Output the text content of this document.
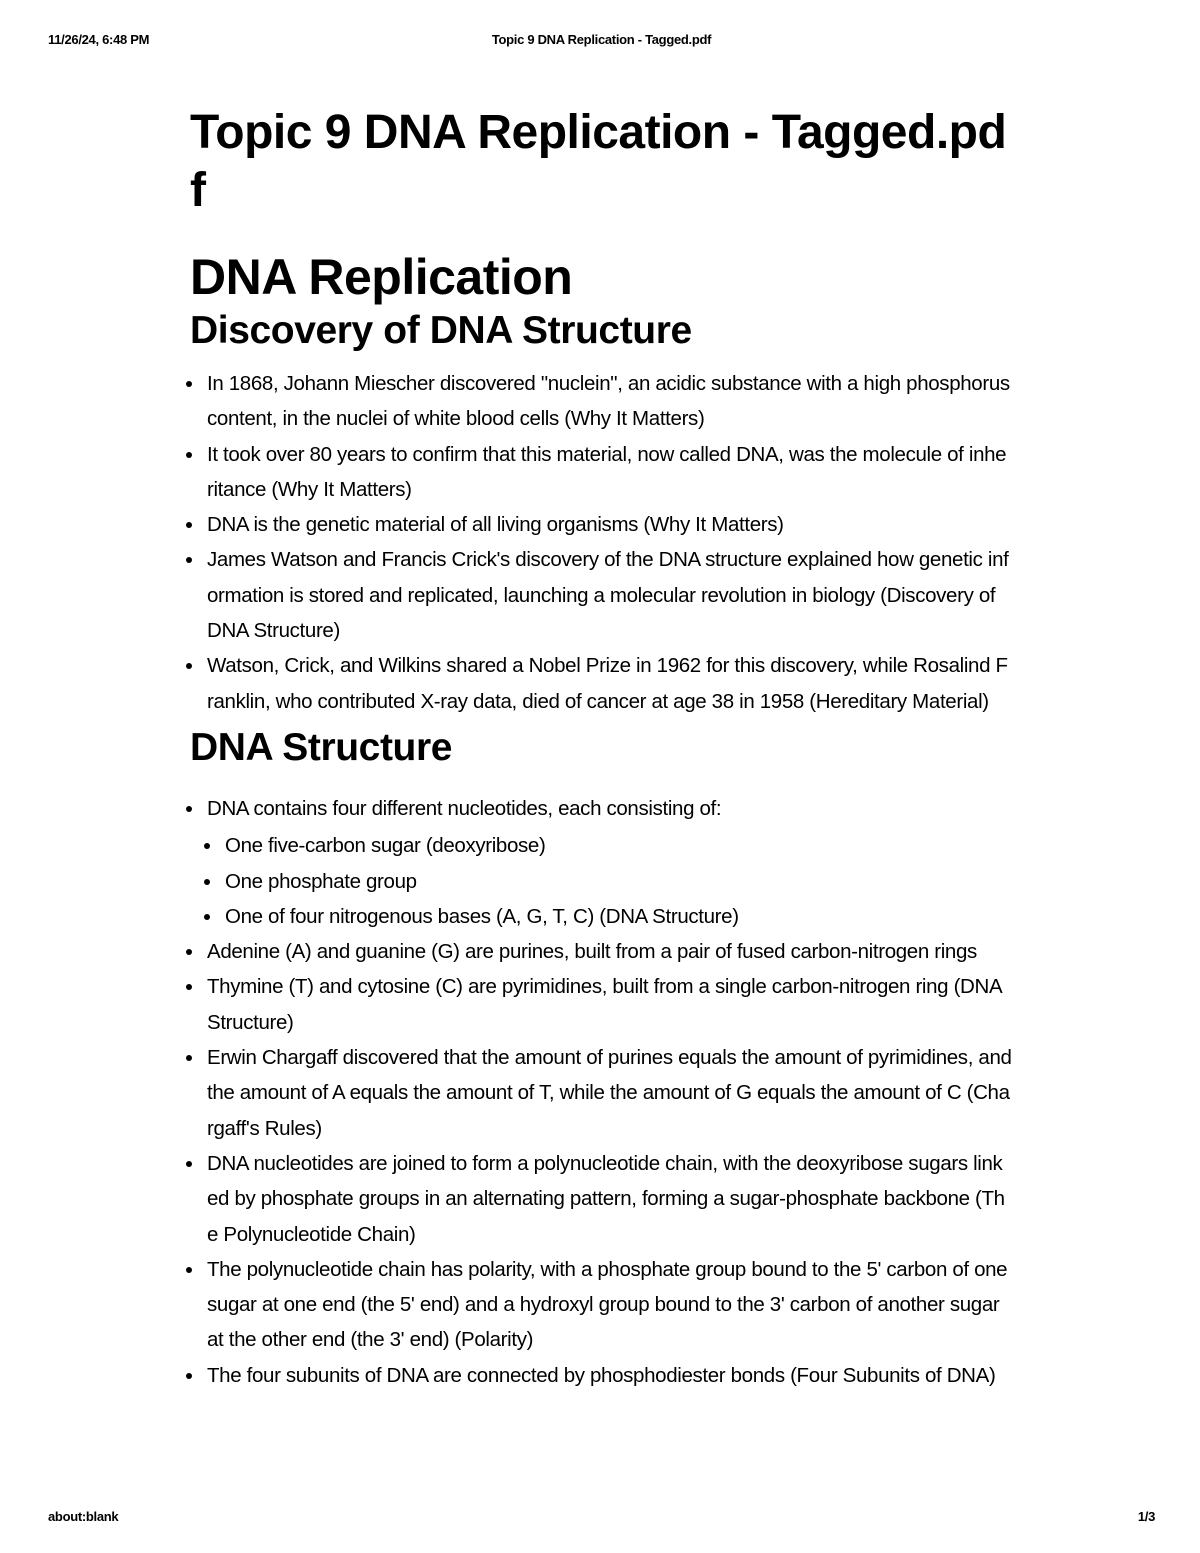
11/26/24, 6:48 PM	Topic 9 DNA Replication - Tagged.pdf
Topic 9 DNA Replication - Tagged.pdf
DNA Replication
Discovery of DNA Structure
In 1868, Johann Miescher discovered "nuclein", an acidic substance with a high phosphorus content, in the nuclei of white blood cells (Why It Matters)
It took over 80 years to confirm that this material, now called DNA, was the molecule of inheritance (Why It Matters)
DNA is the genetic material of all living organisms (Why It Matters)
James Watson and Francis Crick's discovery of the DNA structure explained how genetic information is stored and replicated, launching a molecular revolution in biology (Discovery of DNA Structure)
Watson, Crick, and Wilkins shared a Nobel Prize in 1962 for this discovery, while Rosalind Franklin, who contributed X-ray data, died of cancer at age 38 in 1958 (Hereditary Material)
DNA Structure
DNA contains four different nucleotides, each consisting of:
One five-carbon sugar (deoxyribose)
One phosphate group
One of four nitrogenous bases (A, G, T, C) (DNA Structure)
Adenine (A) and guanine (G) are purines, built from a pair of fused carbon-nitrogen rings
Thymine (T) and cytosine (C) are pyrimidines, built from a single carbon-nitrogen ring (DNA Structure)
Erwin Chargaff discovered that the amount of purines equals the amount of pyrimidines, and the amount of A equals the amount of T, while the amount of G equals the amount of C (Chargaff's Rules)
DNA nucleotides are joined to form a polynucleotide chain, with the deoxyribose sugars linked by phosphate groups in an alternating pattern, forming a sugar-phosphate backbone (The Polynucleotide Chain)
The polynucleotide chain has polarity, with a phosphate group bound to the 5' carbon of one sugar at one end (the 5' end) and a hydroxyl group bound to the 3' carbon of another sugar at the other end (the 3' end) (Polarity)
The four subunits of DNA are connected by phosphodiester bonds (Four Subunits of DNA)
about:blank	1/3
